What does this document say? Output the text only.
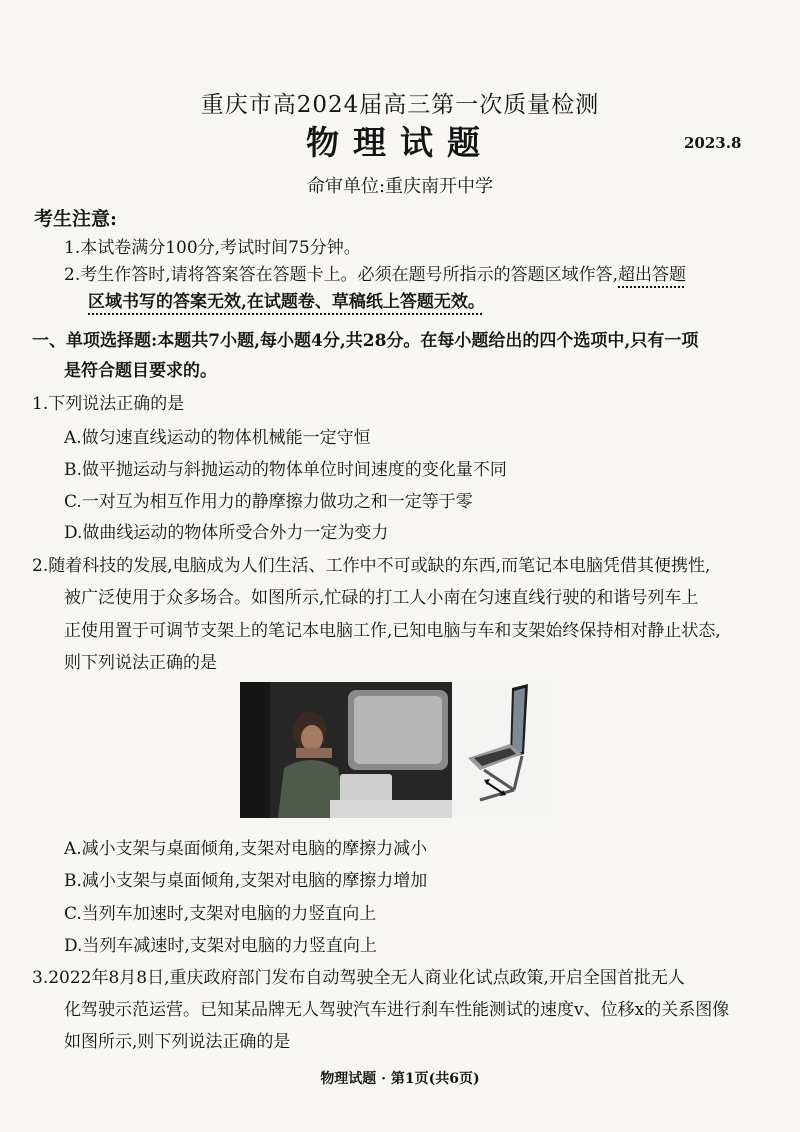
重庆市高2024届高三第一次质量检测
物理试题	2023.8
命审单位:重庆南开中学
考生注意:
1.本试卷满分100分,考试时间75分钟。
2.考生作答时,请将答案答在答题卡上。必须在题号所指示的答题区域作答,超出答题
区域书写的答案无效,在试题卷、草稿纸上答题无效。
一、单项选择题:本题共7小题,每小题4分,共28分。在每小题给出的四个选项中,只有一项
是符合题目要求的。
1.下列说法正确的是
A.做匀速直线运动的物体机械能一定守恒
B.做平抛运动与斜抛运动的物体单位时间速度的变化量不同
C.一对互为相互作用力的静摩擦力做功之和一定等于零
D.做曲线运动的物体所受合外力一定为变力
2.随着科技的发展,电脑成为人们生活、工作中不可或缺的东西,而笔记本电脑凭借其便携性,
被广泛使用于众多场合。如图所示,忙碌的打工人小南在匀速直线行驶的和谐号列车上
正使用置于可调节支架上的笔记本电脑工作,已知电脑与车和支架始终保持相对静止状态,
则下列说法正确的是
A.减小支架与桌面倾角,支架对电脑的摩擦力减小
B.减小支架与桌面倾角,支架对电脑的摩擦力增加
C.当列车加速时,支架对电脑的力竖直向上
D.当列车减速时,支架对电脑的力竖直向上
3.2022年8月8日,重庆政府部门发布自动驾驶全无人商业化试点政策,开启全国首批无人
化驾驶示范运营。已知某品牌无人驾驶汽车进行刹车性能测试的速度v、位移x的关系图像
如图所示,则下列说法正确的是
物理试题 · 第1页(共6页)
